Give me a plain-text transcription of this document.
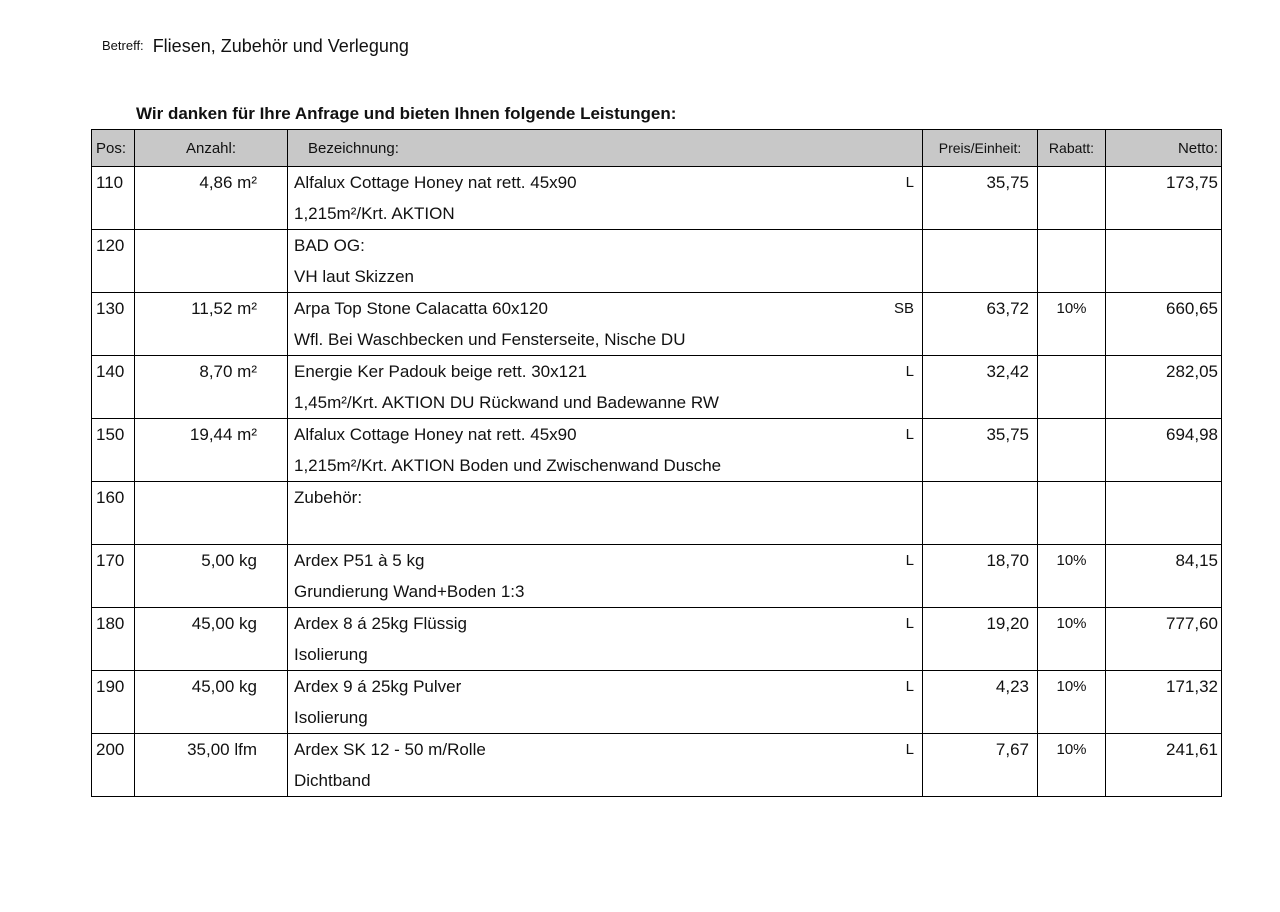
Betreff: Fliesen, Zubehör und Verlegung
Wir danken für Ihre Anfrage und bieten Ihnen folgende Leistungen:
Pos:	Anzahl:	Bezeichnung:	Preis/Einheit:	Rabatt:	Netto:
110	4,86 m²	Alfalux Cottage Honey nat rett. 45x90 L
1,215m²/Krt. AKTION	35,75		173,75
120		BAD OG:
VH laut Skizzen			

130	11,52 m²	Arpa Top Stone Calacatta 60x120 SB
Wfl. Bei Waschbecken und Fensterseite, Nische DU	63,72	10%	660,65
140	8,70 m²	Energie Ker Padouk beige rett. 30x121 L
1,45m²/Krt. AKTION DU Rückwand und Badewanne RW	32,42		282,05
150	19,44 m²	Alfalux Cottage Honey nat rett. 45x90 L
1,215m²/Krt. AKTION Boden und Zwischenwand Dusche	35,75		694,98
160		Zubehör:

170	5,00 kg	Ardex P51 à 5 kg L
Grundierung Wand+Boden 1:3	18,70	10%	84,15
180	45,00 kg	Ardex 8 á 25kg Flüssig L
Isolierung	19,20	10%	777,60
190	45,00 kg	Ardex 9 á 25kg Pulver L
Isolierung	4,23	10%	171,32
200	35,00 lfm	Ardex SK 12 - 50 m/Rolle L
Dichtband	7,67	10%	241,61
